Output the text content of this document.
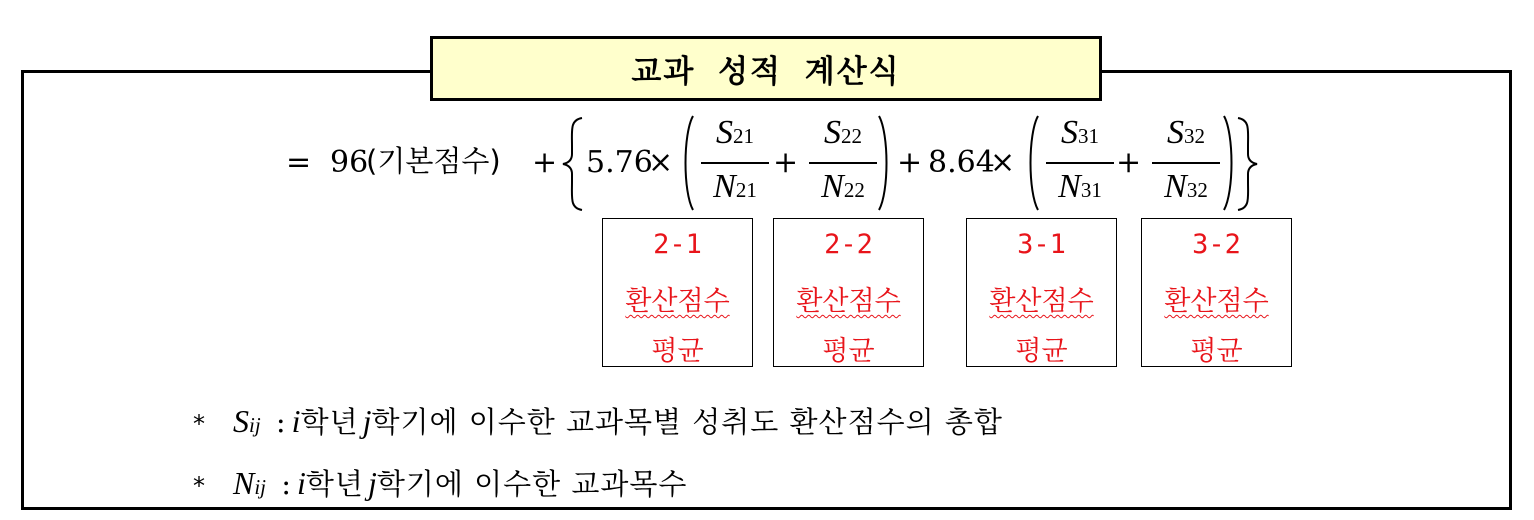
교과 성적 계산식
= 96
(기본점수) + 5.76
×
S21
N21
+
S22
N22
+ 8.64
×
S31
N31
+
S32
N32
2-1
환산점수
평균
2-2
환산점수
평균
3-1
환산점수
평균
3-2
환산점수
평균
* Sij : i학년 j학기에 이수한 교과목별 성취도 환산점수의 총합
* Nij : i학년 j학기에 이수한 교과목수
